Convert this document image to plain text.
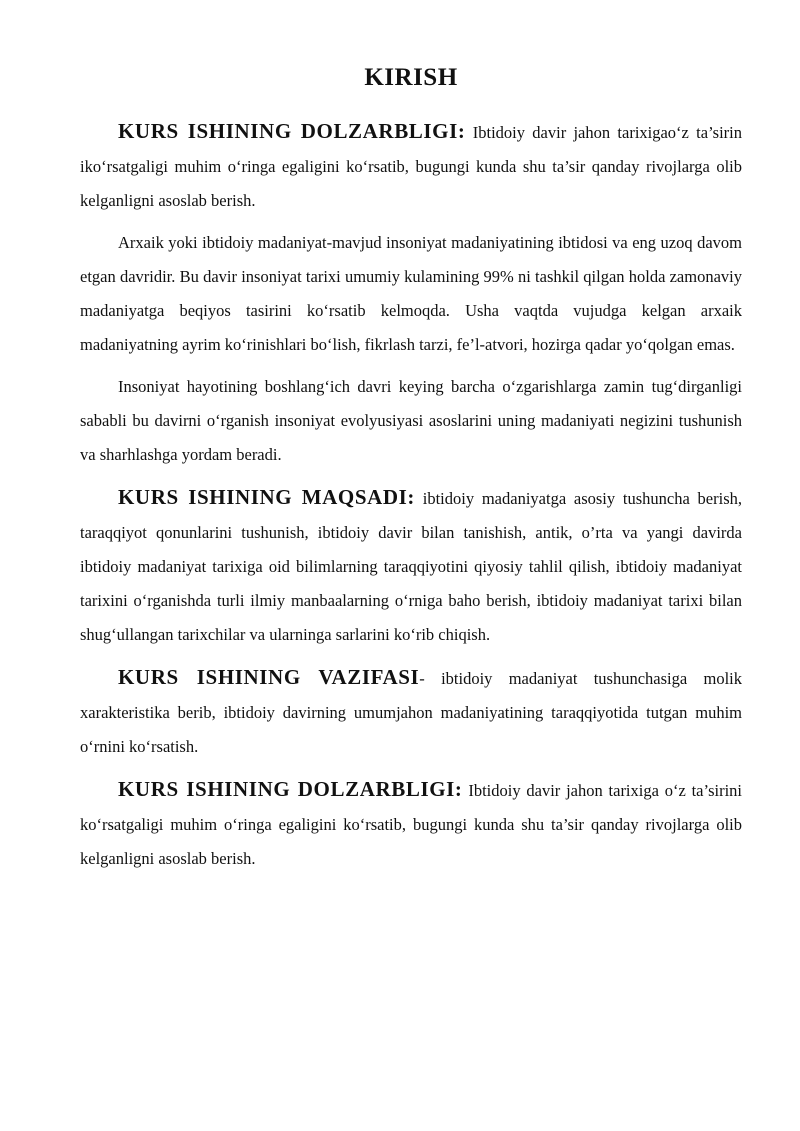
KIRISH

KURS ISHINING DOLZARBLIGI: Ibtidoiy davir jahon tarixigao‘z ta’sirin iko‘rsatgaligi muhim o‘ringa egaligini ko‘rsatib, bugungi kunda shu ta’sir qanday rivojlarga olib kelganligni asoslab berish.

Arxaik yoki ibtidoiy madaniyat-mavjud insoniyat madaniyatining ibtidosi va eng uzoq davom etgan davridir. Bu davir insoniyat tarixi umumiy kulamining 99% ni tashkil qilgan holda zamonaviy madaniyatga beqiyos tasirini ko‘rsatib kelmoqda. Usha vaqtda vujudga kelgan arxaik madaniyatning ayrim ko‘rinishlari bo‘lish, fikrlash tarzi, fe’l-atvori, hozirga qadar yo‘qolgan emas.

Insoniyat hayotining boshlang‘ich davri keying barcha o‘zgarishlarga zamin tug‘dirganligi sababli bu davirni o‘rganish insoniyat evolyusiyasi asoslarini uning madaniyati negizini tushunish va sharhlashga yordam beradi.

KURS ISHINING MAQSADI: ibtidoiy madaniyatga asosiy tushuncha berish, taraqqiyot qonunlarini tushunish, ibtidoiy davir bilan tanishish, antik, o’rta va yangi davirda ibtidoiy madaniyat tarixiga oid bilimlarning taraqqiyotini qiyosiy tahlil qilish, ibtidoiy madaniyat tarixini o‘rganishda turli ilmiy manbaalarning o‘rniga baho berish, ibtidoiy madaniyat tarixi bilan shug‘ullangan tarixchilar va ularninga sarlarini ko‘rib chiqish.

KURS ISHINING VAZIFASI- ibtidoiy madaniyat tushunchasiga molik xarakteristika berib, ibtidoiy davirning umumjahon madaniyatining taraqqiyotida tutgan muhim o‘rnini ko‘rsatish.

KURS ISHINING DOLZARBLIGI: Ibtidoiy davir jahon tarixiga o‘z ta’sirini ko‘rsatgaligi muhim o‘ringa egaligini ko‘rsatib, bugungi kunda shu ta’sir qanday rivojlarga olib kelganligni asoslab berish.
